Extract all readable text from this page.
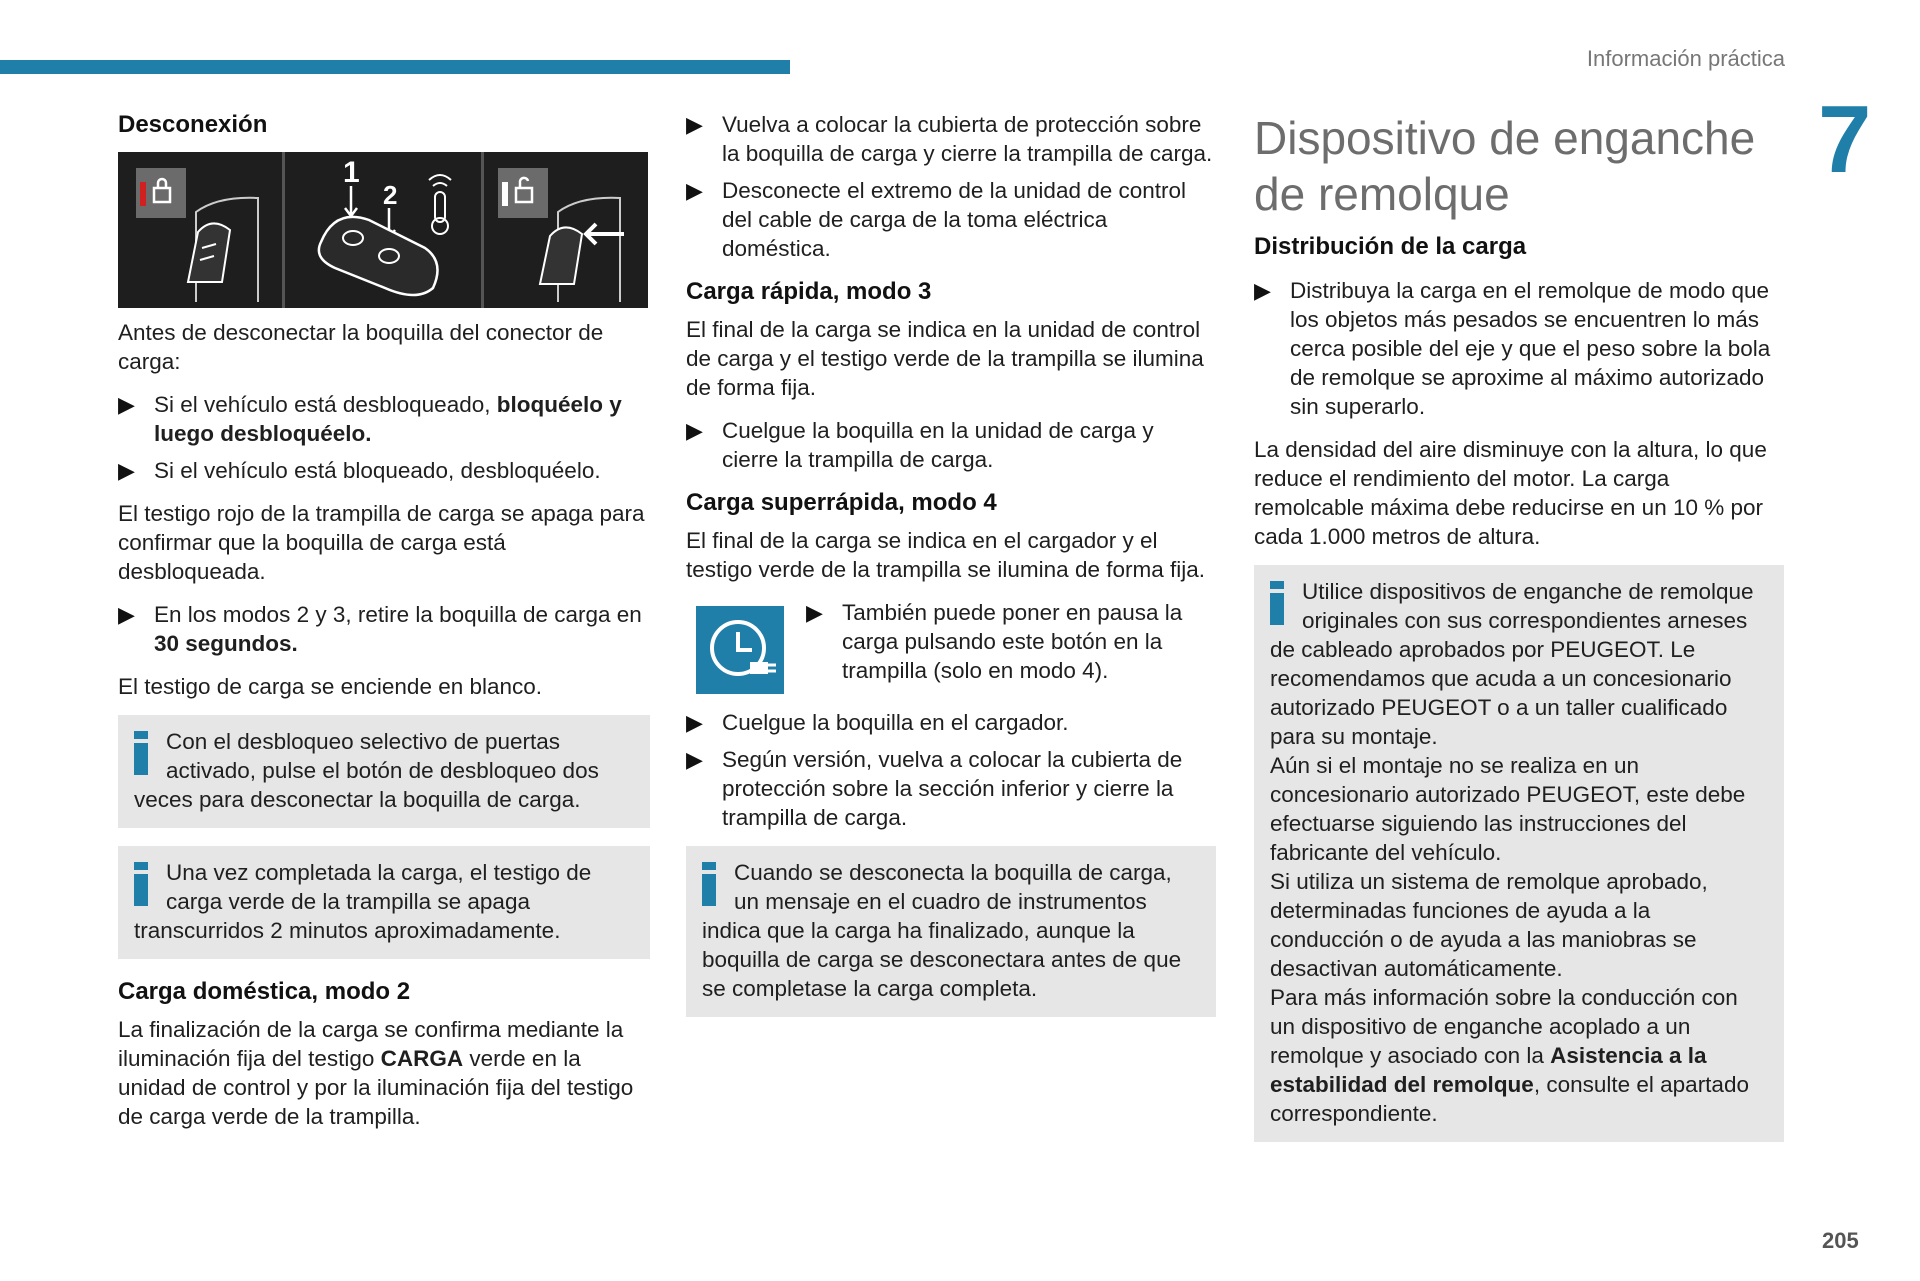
Información práctica
7
205
Desconexión
1
2

Antes de desconectar la boquilla del conector de carga:

▶ Si el vehículo está desbloqueado, bloquéelo y luego desbloquéelo.
▶ Si el vehículo está bloqueado, desbloquéelo.

El testigo rojo de la trampilla de carga se apaga para confirmar que la boquilla de carga está desbloqueada.

▶ En los modos 2 y 3, retire la boquilla de carga en 30 segundos.

El testigo de carga se enciende en blanco.

Con el desbloqueo selectivo de puertas activado, pulse el botón de desbloqueo dos veces para desconectar la boquilla de carga.
Una vez completada la carga, el testigo de carga verde de la trampilla se apaga transcurridos 2 minutos aproximadamente.
Carga doméstica, modo 2

La finalización de la carga se confirma mediante la iluminación fija del testigo CARGA verde en la unidad de control y por la iluminación fija del testigo de carga verde de la trampilla.

▶ Vuelva a colocar la cubierta de protección sobre la boquilla de carga y cierre la trampilla de carga.
▶ Desconecte el extremo de la unidad de control del cable de carga de la toma eléctrica doméstica.
Carga rápida, modo 3

El final de la carga se indica en la unidad de control de carga y el testigo verde de la trampilla se ilumina de forma fija.

▶ Cuelgue la boquilla en la unidad de carga y cierre la trampilla de carga.
Carga superrápida, modo 4

El final de la carga se indica en el cargador y el testigo verde de la trampilla se ilumina de forma fija.

▶ También puede poner en pausa la carga pulsando este botón en la trampilla (solo en modo 4).
▶ Cuelgue la boquilla en el cargador.
▶ Según versión, vuelva a colocar la cubierta de protección sobre la sección inferior y cierre la trampilla de carga.
Cuando se desconecta la boquilla de carga, un mensaje en el cuadro de instrumentos indica que la carga ha finalizado, aunque la boquilla de carga se desconectara antes de que se completase la carga completa.
Dispositivo de enganche de remolque
Distribución de la carga
▶ Distribuya la carga en el remolque de modo que los objetos más pesados se encuentren lo más cerca posible del eje y que el peso sobre la bola de remolque se aproxime al máximo autorizado sin superarlo.

La densidad del aire disminuye con la altura, lo que reduce el rendimiento del motor. La carga remolcable máxima debe reducirse en un 10 % por cada 1.000 metros de altura.

Utilice dispositivos de enganche de remolque originales con sus correspondientes arneses de cableado aprobados por PEUGEOT. Le recomendamos que acuda a un concesionario autorizado PEUGEOT o a un taller cualificado para su montaje.
Aún si el montaje no se realiza en un concesionario autorizado PEUGEOT, este debe efectuarse siguiendo las instrucciones del fabricante del vehículo.
Si utiliza un sistema de remolque aprobado, determinadas funciones de ayuda a la conducción o de ayuda a las maniobras se desactivan automáticamente.
Para más información sobre la conducción con un dispositivo de enganche acoplado a un remolque y asociado con la Asistencia a la estabilidad del remolque, consulte el apartado correspondiente.
